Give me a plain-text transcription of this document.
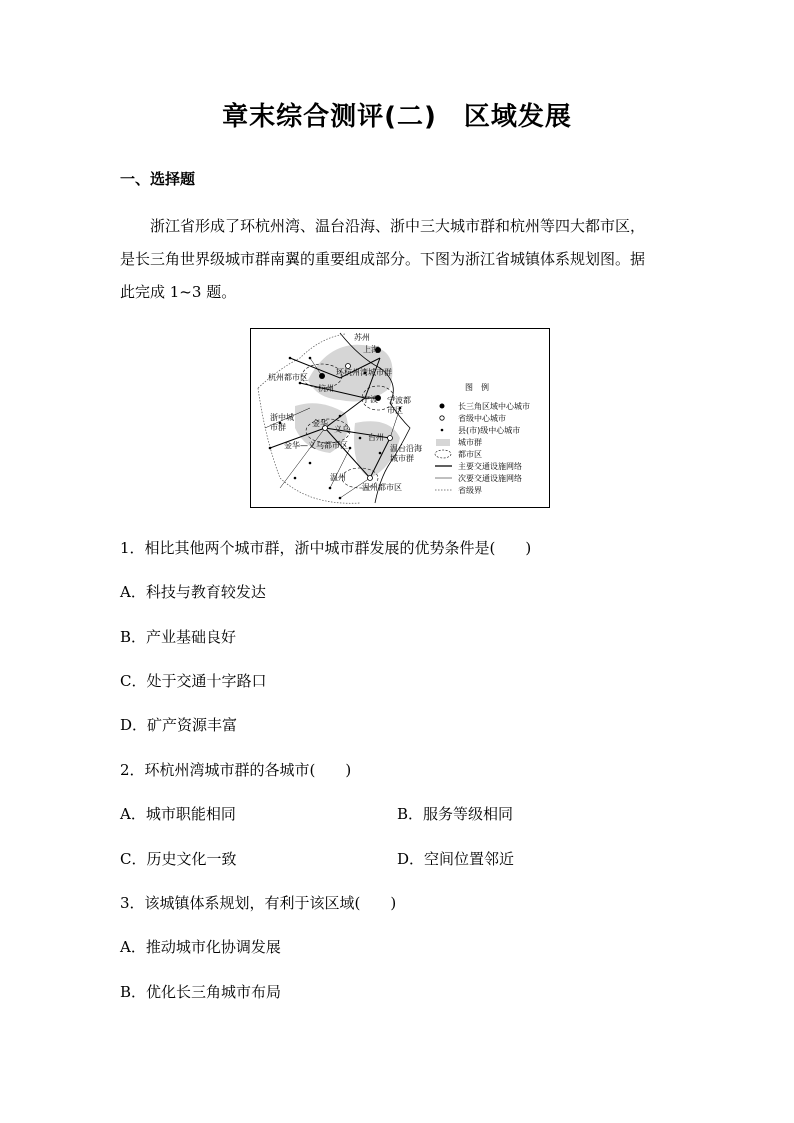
章末综合测评(二)　区域发展
一、选择题
浙江省形成了环杭州湾、温台沿海、浙中三大城市群和杭州等四大都市区，
是长三角世界级城市群南翼的重要组成部分。下图为浙江省城镇体系规划图。据
此完成 1~3 题。
苏州
上海
杭州都市区
环杭州湾城市群
杭州
宁波 宁波都
市区
浙中城
市群	金华
义乌
金华—义乌都市区
台州
温台沿海
城市群
温州
温州都市区
图　例
长三角区域中心城市
省级中心城市
县(市)级中心城市
城市群
都市区
主要交通设施网络
次要交通设施网络
省级界
1．相比其他两个城市群，浙中城市群发展的优势条件是(　　)
A．科技与教育较发达
B．产业基础良好
C．处于交通十字路口
D．矿产资源丰富
2．环杭州湾城市群的各城市(　　)
A．城市职能相同	B．服务等级相同
C．历史文化一致	D．空间位置邻近
3．该城镇体系规划，有利于该区域(　　)
A．推动城市化协调发展
B．优化长三角城市布局
